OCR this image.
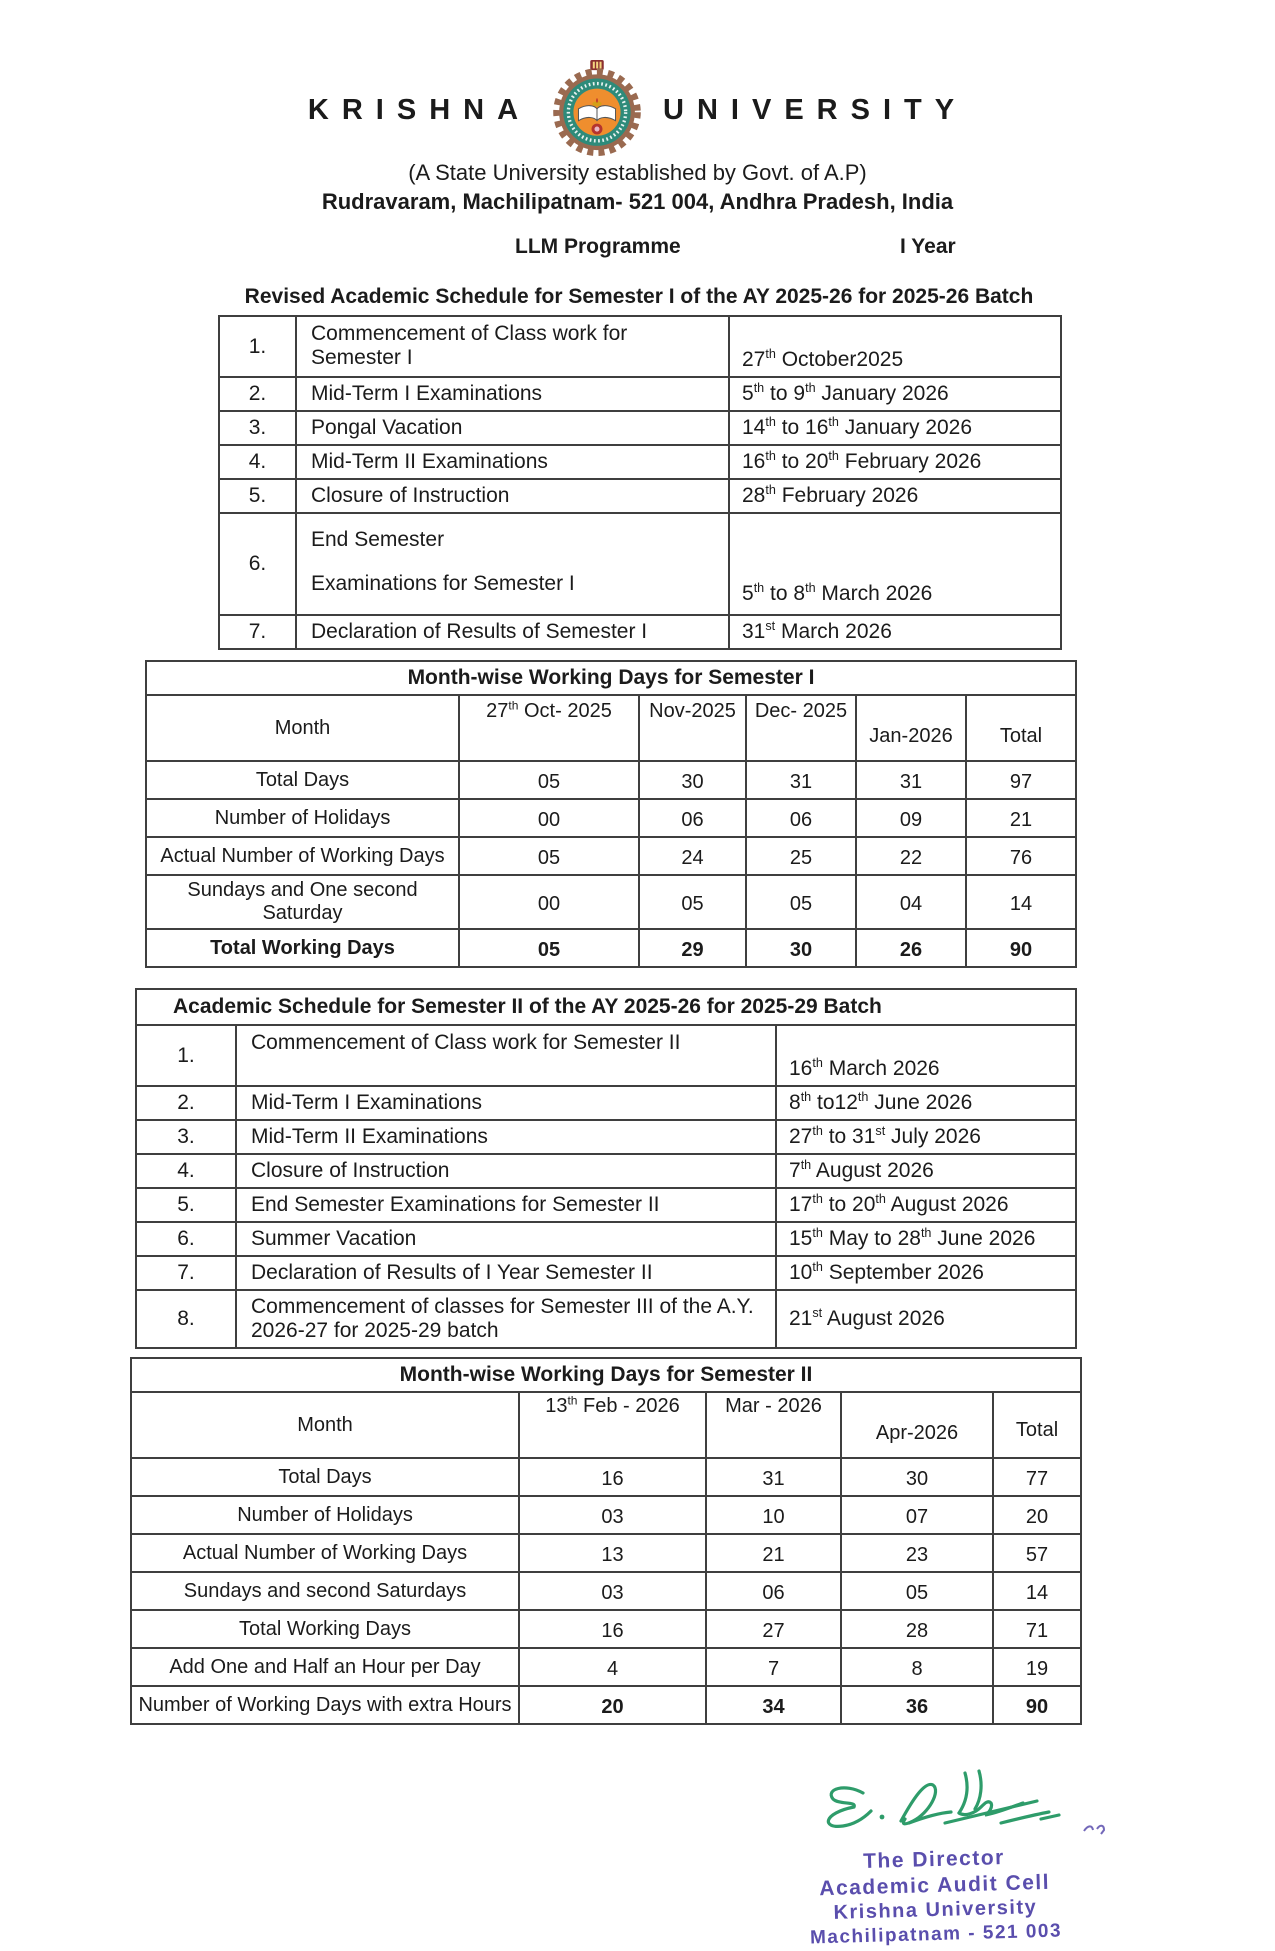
KRISHNA	UNIVERSITY
(A State University established by Govt. of A.P)
Rudravaram, Machilipatnam- 521 004, Andhra Pradesh, India
LLM Programme	I Year
Revised Academic Schedule for Semester I of the AY 2025-26 for 2025-26 Batch
1.	Commencement of Class work for Semester I	27th October2025
2.	Mid-Term I Examinations	5th to 9th January 2026
3.	Pongal Vacation	14th to 16th January 2026
4.	Mid-Term II Examinations	16th to 20th February 2026
5.	Closure of Instruction	28th February 2026
6.	End Semester
Examinations for Semester I	5th to 8th March 2026
7.	Declaration of Results of Semester I	31st March 2026
Month-wise Working Days for Semester I					
Month	27th Oct- 2025	Nov-2025	Dec- 2025	Jan-2026	Total
Total Days	05	30	31	31	97
Number of Holidays	00	06	06	09	21
Actual Number of Working Days	05	24	25	22	76
Sundays and One second Saturday	00	05	05	04	14
Total Working Days	05	29	30	26	90
Academic Schedule for Semester II of the AY 2025-26 for 2025-29 Batch		
1.	Commencement of Class work for Semester II	16th March 2026
2.	Mid-Term I Examinations	8th to12th June 2026
3.	Mid-Term II Examinations	27th to 31st July 2026
4.	Closure of Instruction	7th August 2026
5.	End Semester Examinations for Semester II	17th to 20th August 2026
6.	Summer Vacation	15th May to 28th June 2026
7.	Declaration of Results of I Year Semester II	10th September 2026
8.	Commencement of classes for Semester III of the A.Y. 2026-27 for 2025-29 batch	21st August 2026
Month-wise Working Days for Semester II				
Month	13th Feb - 2026	Mar - 2026	Apr-2026	Total
Total Days	16	31	30	77
Number of Holidays	03	10	07	20
Actual Number of Working Days	13	21	23	57
Sundays and second Saturdays	03	06	05	14
Total Working Days	16	27	28	71
Add One and Half an Hour per Day	4	7	8	19
Number of Working Days with extra Hours	20	34	36	90
The Director
Academic Audit Cell
Krishna University
Machilipatnam - 521 003
